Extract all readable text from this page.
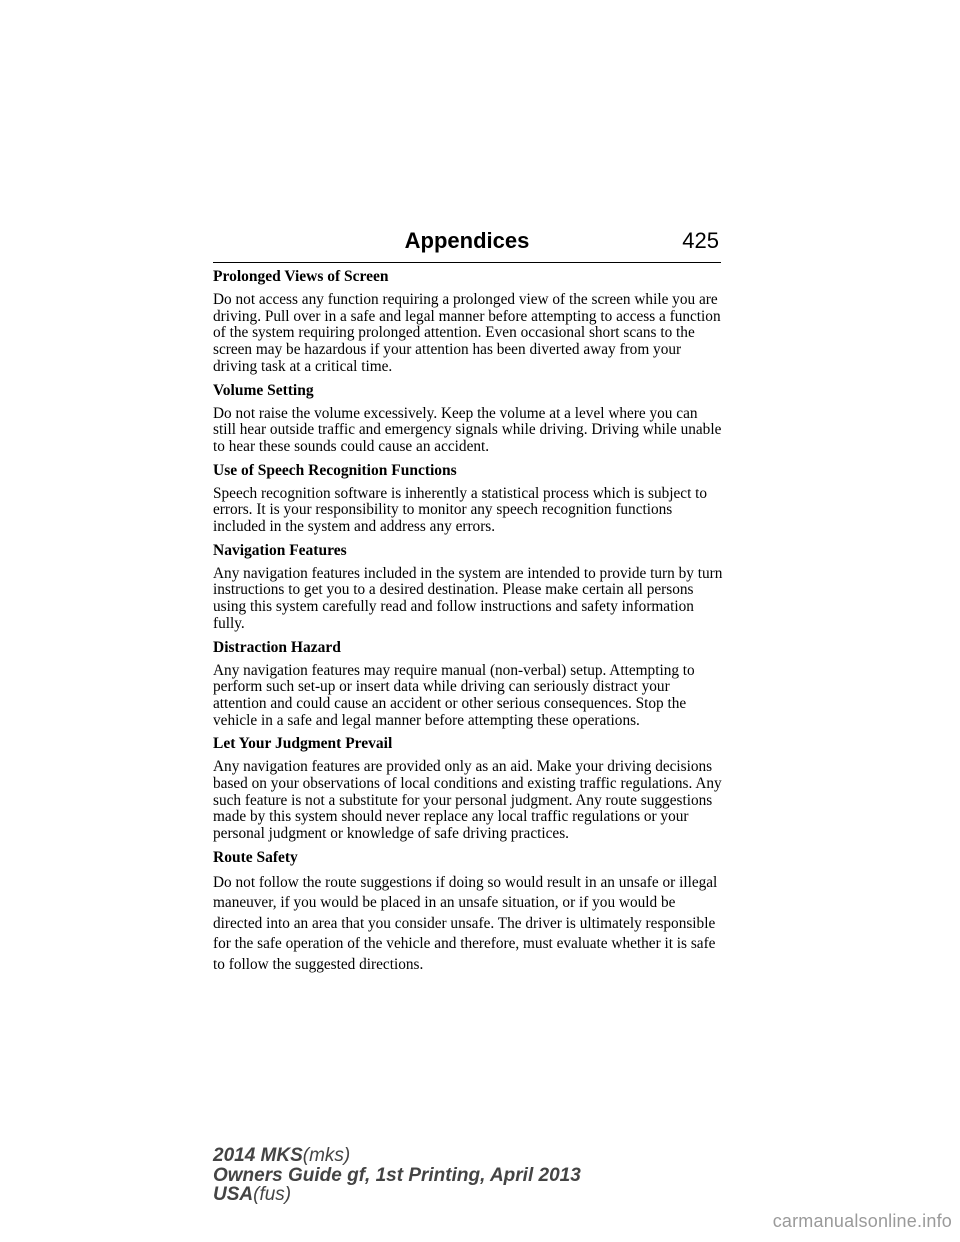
Appendices	425
Prolonged Views of Screen

Do not access any function requiring a prolonged view of the screen while you are driving. Pull over in a safe and legal manner before attempting to access a function of the system requiring prolonged attention. Even occasional short scans to the screen may be hazardous if your attention has been diverted away from your driving task at a critical time.

Volume Setting

Do not raise the volume excessively. Keep the volume at a level where you can still hear outside traffic and emergency signals while driving. Driving while unable to hear these sounds could cause an accident.

Use of Speech Recognition Functions

Speech recognition software is inherently a statistical process which is subject to errors. It is your responsibility to monitor any speech recognition functions included in the system and address any errors.

Navigation Features

Any navigation features included in the system are intended to provide turn by turn instructions to get you to a desired destination. Please make certain all persons using this system carefully read and follow instructions and safety information fully.

Distraction Hazard

Any navigation features may require manual (non-verbal) setup. Attempting to perform such set-up or insert data while driving can seriously distract your attention and could cause an accident or other serious consequences. Stop the vehicle in a safe and legal manner before attempting these operations.

Let Your Judgment Prevail

Any navigation features are provided only as an aid. Make your driving decisions based on your observations of local conditions and existing traffic regulations. Any such feature is not a substitute for your personal judgment. Any route suggestions made by this system should never replace any local traffic regulations or your personal judgment or knowledge of safe driving practices.

Route Safety

Do not follow the route suggestions if doing so would result in an unsafe or illegal maneuver, if you would be placed in an unsafe situation, or if you would be directed into an area that you consider unsafe. The driver is ultimately responsible for the safe operation of the vehicle and therefore, must evaluate whether it is safe to follow the suggested directions.

2014 MKS(mks)
Owners Guide gf, 1st Printing, April 2013
USA(fus)
carmanualsonline.info
